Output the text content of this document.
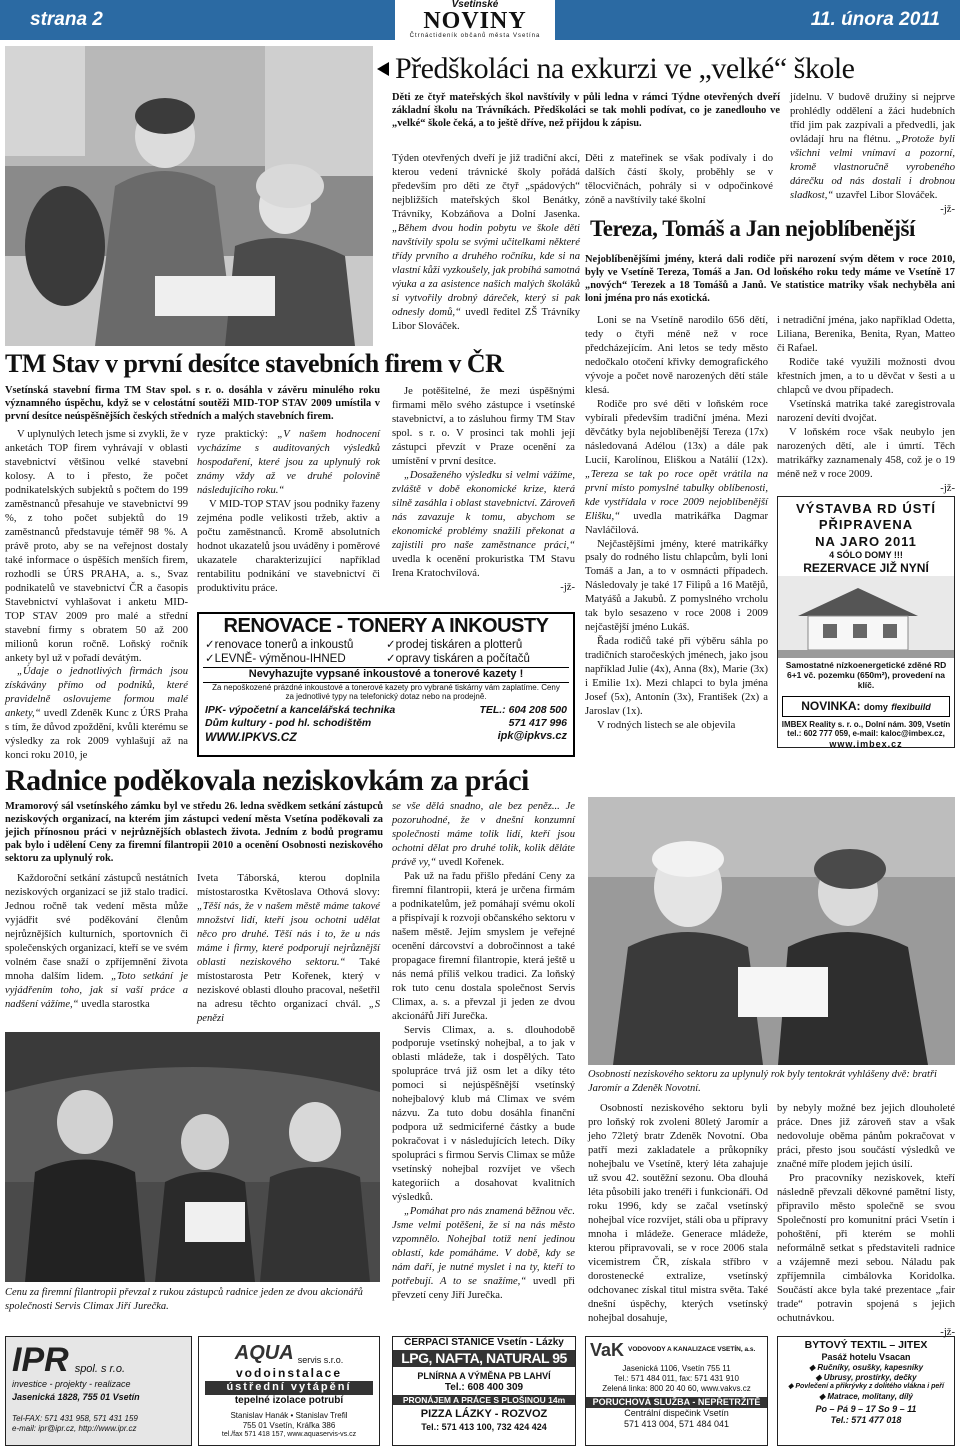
strana 2	11. února 2011
Vsetínské
NOVINY
Čtrnáctideník občanů města Vsetína
Předškoláci na exkurzi ve „velké“ škole
Děti ze čtyř mateřských škol navštívily v půli ledna v rámci Týdne otevřených dveří základní školu na Trávníkách. Předškoláci se tak mohli podívat, co je zanedlouho ve „velké“ škole čeká, a to ještě dříve, než přijdou k zápisu.

Týden otevřených dveří je již tradiční akcí, kterou vedení trávnické školy pořádá především pro děti ze čtyř „spádových“ nejbližších mateřských škol Benátky, Trávníky, Kobzáňova a Dolní Jasenka. „Během dvou hodin pobytu ve škole děti navštívily spolu se svými učitelkami některé třídy prvního a druhého ročníku, kde si na vlastní kůži vyzkoušely, jak probíhá samotná výuka a za asistence našich malých školáků si vytvořily drobný dáreček, který si pak odnesly domů,“ uvedl ředitel ZŠ Trávníky Libor Slováček.

Děti z mateřinek se však podívaly i do dalších částí školy, proběhly se v tělocvičnách, pohrály si v odpočinkové zóně a navštívily také školní

jídelnu. V budově družiny si nejprve prohlédly oddělení a žáci hudebních tříd jim pak zazpívali a předvedli, jak ovládají hru na flétnu. „Protože byli všichni velmi vnímaví a pozorní, kromě vlastnoručně vyrobeného dárečku od nás dostali i drobnou sladkost,“ uzavřel Libor Slováček.

-jž-

Tereza, Tomáš a Jan nejoblíbenější
Nejoblíbenějšími jmény, která dali rodiče při narození svým dětem v roce 2010, byly ve Vsetíně Tereza, Tomáš a Jan. Od loňského roku tedy máme ve Vsetíně 17 „nových“ Terezek a 18 Tomášů a Janů. Ve statistice matriky však nechyběla ani loni jména pro nás exotická.

Loni se na Vsetíně narodilo 656 dětí, tedy o čtyři méně než v roce předcházejícím. Ani letos se tedy město nedočkalo otočení křivky demografického vývoje a počet nově narozených dětí stále klesá.

Rodiče pro své děti v loňském roce vybírali především tradiční jména. Mezi děvčátky byla nejoblíbenější Tereza (17x) následovaná Adélou (13x) a dále pak Lucií, Karolínou, Eliškou a Natálií (12x). „Tereza se tak po roce opět vrátila na první místo pomyslné tabulky oblíbenosti, kde vystřídala v roce 2009 nejoblíbenější Elišku,“ uvedla matrikářka Dagmar Navláčilová.

Nejčastějšími jmény, které matrikářky psaly do rodného listu chlapcům, byli loni Tomáš a Jan, a to v osmnácti případech. Následovaly je také 17 Filipů a 16 Matějů, Matyášů a Jakubů. Z pomyslného vrcholu tak bylo sesazeno v roce 2008 i 2009 nejčastější jméno Lukáš.

Řada rodičů také při výběru sáhla po tradičních staročeských jménech, jako jsou například Julie (4x), Anna (8x), Marie (3x) i Emilie 1x). Mezi chlapci to byla jména Josef (5x), Antonín (3x), František (2x) a Jaroslav (1x).

V rodných listech se ale objevila

i netradiční jména, jako například Odetta, Liliana, Berenika, Benita, Ryan, Matteo či Rafael.

Rodiče také využili možnosti dvou křestních jmen, a to u děvčat v šesti a u chlapců ve dvou případech.

Vsetínská matrika také zaregistrovala narození devíti dvojčat.

V loňském roce však neubylo jen narozených dětí, ale i úmrtí. Těch matrikářky zaznamenaly 458, což je o 19 méně než v roce 2009.

-jž-

VÝSTAVBA RD ÚSTÍ
PŘIPRAVENA
NA JARO 2011
4 SÓLO DOMY !!!
REZERVACE JIŽ NYNÍ
Samostatné nízkoenergetické zděné RD 6+1 vč. pozemku (650m²), provedení na klíč.
NOVINKA: domy flexibuild
IMBEX Reality s. r. o., Dolní nám. 309, Vsetín
tel.: 602 777 059, e-mail: kaloc@imbex.cz,
www.imbex.cz
TM Stav v první desítce stavebních firem v ČR
Vsetínská stavební firma TM Stav spol. s r. o. dosáhla v závěru minulého roku významného úspěchu, když se v celostátní soutěži MID-TOP STAV 2009 umístila v první desítce neúspěšnějších českých středních a malých stavebních firem.

V uplynulých letech jsme si zvykli, že v anketách TOP firem vyhrávají v oblasti stavebnictví většinou velké stavební kolosy. A to i přesto, že počet podnikatelských subjektů s počtem do 199 zaměstnanců přesahuje ve stavebnictví 99 %, z toho počet subjektů do 19 zaměstnanců představuje téměř 98 %. A právě proto, aby se na veřejnost dostaly také informace o úspěších menších firem, rozhodli se ÚRS PRAHA, a. s., Svaz podnikatelů ve stavebnictví ČR a časopis Stavebnictví vyhlašovat i anketu MID-TOP STAV 2009 pro malé a střední stavební firmy s obratem 50 až 200 milionů korun ročně. Loňský ročník ankety byl už v pořadí devátým.

„Údaje o jednotlivých firmách jsou získávány přímo od podniků, které pravidelně oslovujeme formou malé ankety,“ uvedl Zdeněk Kunc z ÚRS Praha s tím, že důvod zpoždění, kvůli kterému se výsledky za rok 2009 vyhlašují až na konci roku 2010, je

ryze praktický: „V našem hodnocení vycházíme s auditovaných výsledků hospodaření, které jsou za uplynulý rok známy vždy až ve druhé polovině následujícího roku.“

V MID-TOP STAV jsou podniky řazeny zejména podle velikosti tržeb, aktiv a počtu zaměstnanců. Kromě absolutních hodnot ukazatelů jsou uváděny i poměrové ukazatele charakterizující například rentabilitu podnikání ve stavebnictví či produktivitu práce.

Je potěšitelné, že mezi úspěšnými firmami mělo svého zástupce i vsetínské stavebnictví, a to zásluhou firmy TM Stav spol. s r. o. V prosinci tak mohli její zástupci převzít v Praze ocenění za umístění v první desítce.

„Dosaženého výsledku si velmi vážíme, zvláště v době ekonomické krize, která silně zasáhla i oblast stavebnictví. Zároveň nás zavazuje k tomu, abychom se ekonomické problémy snažili překonat a zajistili pro naše zaměstnance práci,“ uvedla k ocenění prokuristka TM Stavu Irena Kratochvílová.

-jž-

RENOVACE - TONERY A INKOUSTY
✓renovace tonerů a inkoustů
✓LEVNĚ- výměnou-IHNED
✓prodej tiskáren a plotterů
✓opravy tiskáren a počítačů
Nevyhazujte vypsané inkoustové a tonerové kazety !
Za nepoškozené prázdné inkoustové a tonerové kazety pro vybrané tiskárny vám zaplatíme. Ceny za jednotlivé typy na telefonický dotaz nebo na prodejně.
IPK- výpočetní a kancelářská technika
Dům kultury - pod hl. schodištěm
WWW.IPKVS.CZ
TEL.: 604 208 500
571 417 996
ipk@ipkvs.cz
Radnice poděkovala neziskovkám za práci
Mramorový sál vsetínského zámku byl ve středu 26. ledna svědkem setkání zástupců neziskových organizací, na kterém jim zástupci vedení města Vsetína poděkovali za jejich přínosnou práci v nejrůznějších oblastech života. Jedním z bodů programu pak bylo i udělení Ceny za firemní filantropii 2010 a ocenění Osobnosti neziskového sektoru za uplynulý rok.

Každoroční setkání zástupců nestátních neziskových organizací se již stalo tradicí. Jednou ročně tak vedení města může vyjádřit své poděkování členům nejrůznějších kulturních, sportovních či společenských organizací, kteří se ve svém volném čase snaží o zpříjemnění života mnoha dalším lidem. „Toto setkání je vyjádřením toho, jak si vaší práce a nadšení vážíme,“ uvedla starostka

Iveta Táborská, kterou doplnila místostarostka Květoslava Othová slovy: „Těší nás, že v našem městě máme takové množství lidí, kteří jsou ochotni udělat něco pro druhé. Těší nás i to, že u nás máme i firmy, které podporují nejrůznější oblasti neziskového sektoru.“ Také místostarosta Petr Kořenek, který v neziskové oblasti dlouho pracoval, nešetřil na adresu těchto organizací chvál. „S penězi

se vše dělá snadno, ale bez peněz... Je pozoruhodné, že v dnešní konzumní společnosti máme tolik lidí, kteří jsou ochotni dělat pro druhé tolik, kolik děláte právě vy,“ uvedl Kořenek.

Pak už na řadu přišlo předání Ceny za firemní filantropii, která je určena firmám a podnikatelům, jež pomáhají svému okolí a přispívají k rozvoji občanského sektoru v našem městě. Jejím smyslem je veřejné ocenění dárcovství a dobročinnost a také propagace firemní filantropie, která ještě u nás nemá příliš velkou tradici. Za loňský rok tuto cenu dostala společnost Servis Climax, a. s. a převzal ji jeden ze dvou akcionářů Jiří Jurečka.

Servis Climax, a. s. dlouhodobě podporuje vsetínský nohejbal, a to jak v oblasti mládeže, tak i dospělých. Tato spolupráce trvá již osm let a díky této pomoci si nejúspěšnější vsetínský nohejbalový klub má Climax ve svém názvu. Za tuto dobu dosáhla finanční podpora už sedmiciferné částky a bude pokračovat i v následujících letech. Díky spolupráci s firmou Servis Climax se může vsetínský nohejbal rozvíjet ve všech kategoriích a dosahovat kvalitních výsledků.

„Pomáhat pro nás znamená běžnou věc. Jsme velmi potěšeni, že si na nás město vzpomnělo. Nohejbal totiž není jedinou oblastí, kde pomáháme. V době, kdy se nám daří, je nutné myslet i na ty, kteří to potřebují. A to se snažíme,“ uvedl při převzetí ceny Jiří Jurečka.

Cenu za firemní filantropii převzal z rukou zástupců radnice jeden ze dvou akcionářů společnosti Servis Climax Jiří Jurečka.
Osobností neziskového sektoru za uplynulý rok byly tentokrát vyhlášeny dvě: bratři Jaromír a Zdeněk Novotní.

Osobností neziskového sektoru byli pro loňský rok zvoleni 80letý Jaromír a jeho 72letý bratr Zdeněk Novotní. Oba patří mezi zakladatele a průkopníky nohejbalu ve Vsetíně, který léta zahajuje už svou 42. soutěžní sezonu. Oba dlouhá léta působili jako trenéři i funkcionáři. Od roku 1996, kdy se začal vsetínský nohejbal více rozvíjet, stáli oba u přípravy mnoha i mládeže. Generace mládeže, kterou připravovali, se v roce 2006 stala vicemistrem ČR, získala stříbro v dorostenecké extralize, vsetínský odchovanec získal titul mistra světa. Také dnešní úspěchy, kterých vsetínský nohejbal dosahuje,

by nebyly možné bez jejich dlouholeté práce. Dnes již zároveň stav a však nedovoluje oběma pánům pokračovat v práci, přesto jsou součástí výsledků ve značné míře plodem jejich úsilí.

Pro pracovníky neziskovek, kteří následně převzali děkovné pamětní listy, připravilo město společně se svou Společností pro komunitní práci Vsetín i pohoštění, při kterém se mohli neformálně setkat s představiteli radnice a vzájemně mezi sebou. Náladu pak zpříjemnila cimbálovka Koridolka. Součástí akce byla také prezentace „fair trade“ potravin spojená s jejich ochutnávkou.

-jž-

IPR spol. s r.o.
investice - projekty - realizace
Jasenická 1828, 755 01 Vsetín
Tel-FAX: 571 431 958, 571 431 159
e-mail: ipr@ipr.cz, http://www.ipr.cz
AQUA servis s.r.o.
vodoinstalace
ústřední vytápění
tepelné izolace potrubí
Stanislav Hanák • Stanislav Trefil
755 01 Vsetín, Kráľka 386
tel./fax 571 418 157, www.aquaservis-vs.cz
ČERPACÍ STANICE Vsetín - Lázky
LPG, NAFTA, NATURAL 95
PLNÍRNA A VÝMĚNA PB LAHVÍ
Tel.: 608 400 309
PRONÁJEM A PRÁCE S PLOŠINOU 14m
PIZZA LÁZKY - ROZVOZ
Tel.: 571 413 100, 732 424 424
VaK VODOVODY A KANALIZACE VSETÍN, a.s.
Jasenická 1106, Vsetín 755 11
Tel.: 571 484 011, fax: 571 431 910
Zelená linka: 800 20 40 60, www.vakvs.cz
PORUCHOVÁ SLUŽBA - NEPŘETRŽITĚ
Centrální dispečink Vsetín
571 413 004, 571 484 041
BYTOVÝ TEXTIL – JITEX
Pasáž hotelu Vsacan
◆ Ručníky, osušky, kapesníky
◆ Ubrusy, prostírky, dečky
◆ Povlečení a přikrývky z dolitého vlákna i peří
◆ Matrace, molitany, dílý
Po – Pá 9 – 17 So 9 – 11
Tel.: 571 477 018
